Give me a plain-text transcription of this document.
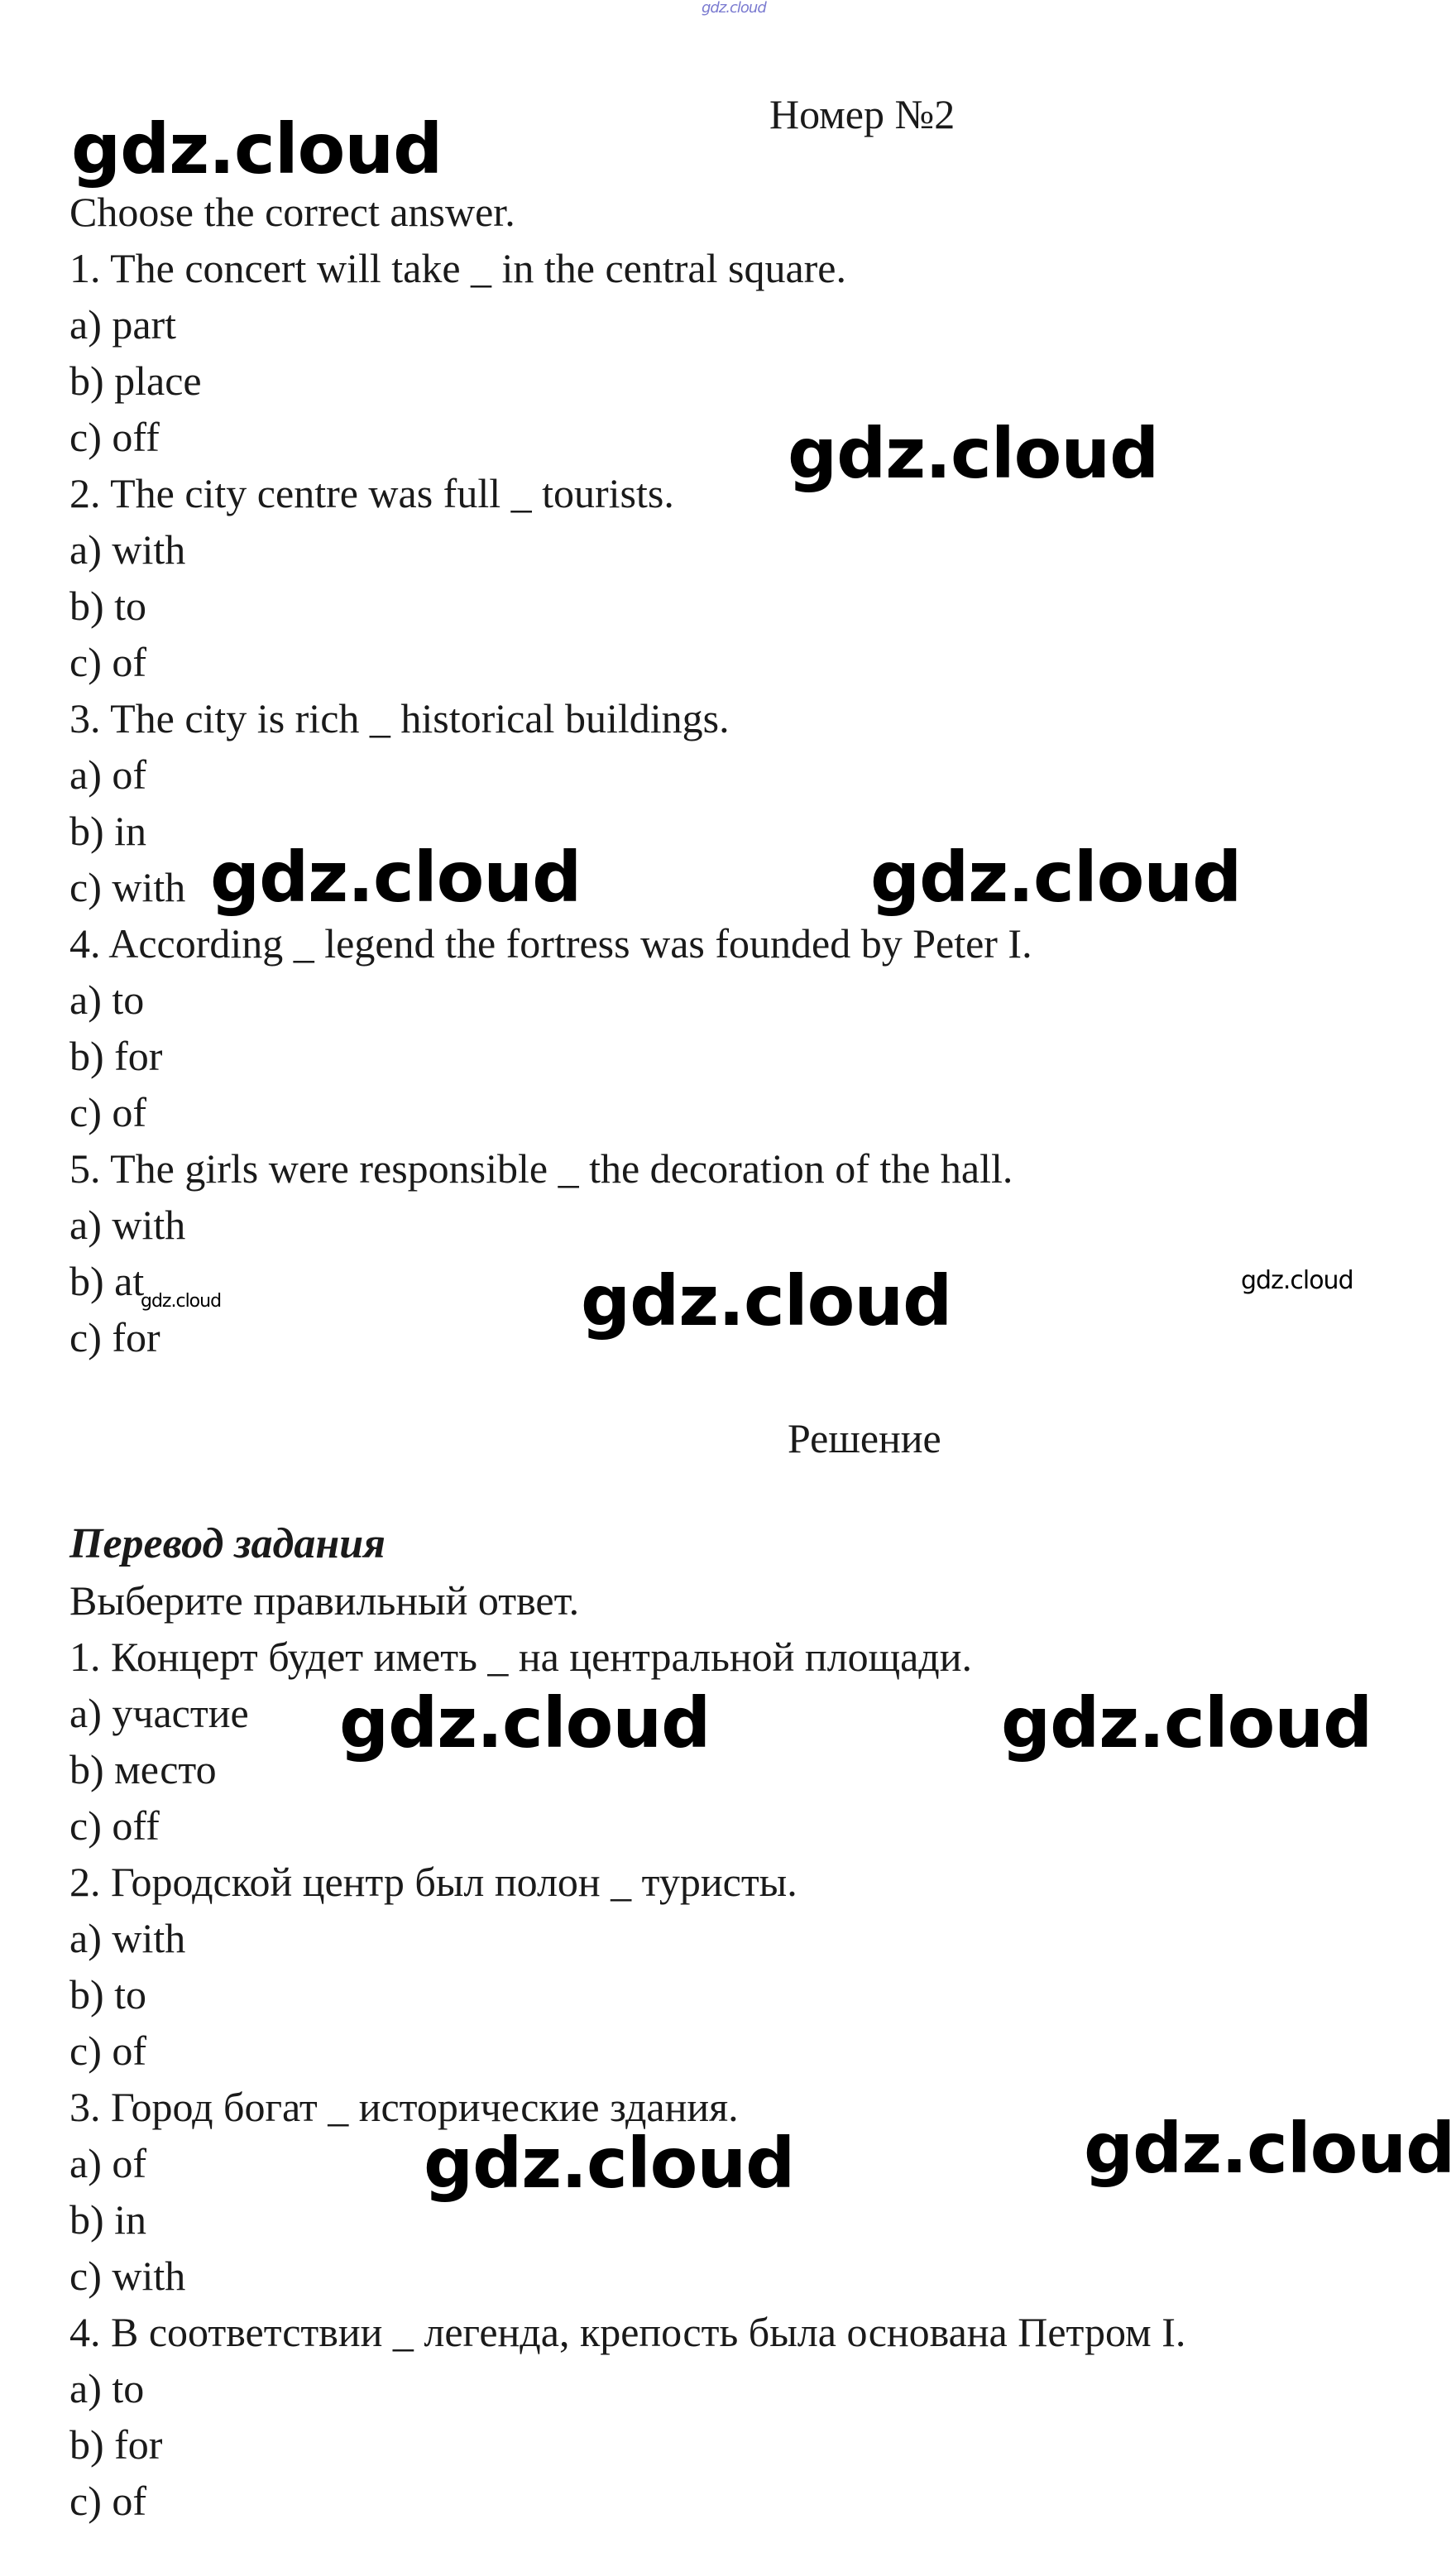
gdz.cloud
Номер №2
Choose the correct answer.
1. The concert will take _ in the central square.
a) part
b) place
c) off
2. The city centre was full _ tourists.
a) with
b) to
c) of
3. The city is rich _ historical buildings.
a) of
b) in
c) with
4. According _ legend the fortress was founded by Peter I.
a) to
b) for
c) of
5. The girls were responsible _ the decoration of the hall.
a) with
b) at
c) for
Решение
Перевод задания
Выберите правильный ответ.
1. Концерт будет иметь _ на центральной площади.
a) участие
b) место
c) off
2. Городской центр был полон _ туристы.
a) with
b) to
c) of
3. Город богат _ исторические здания.
a) of
b) in
c) with
4. В соответствии _ легенда, крепость была основана Петром I.
a) to
b) for
c) of
gdz.cloud
gdz.cloud
gdz.cloud	gdz.cloud
gdz.cloud
gdz.cloud	gdz.cloud
gdz.cloud	gdz.cloud
gdz.cloud
gdz.cloud
